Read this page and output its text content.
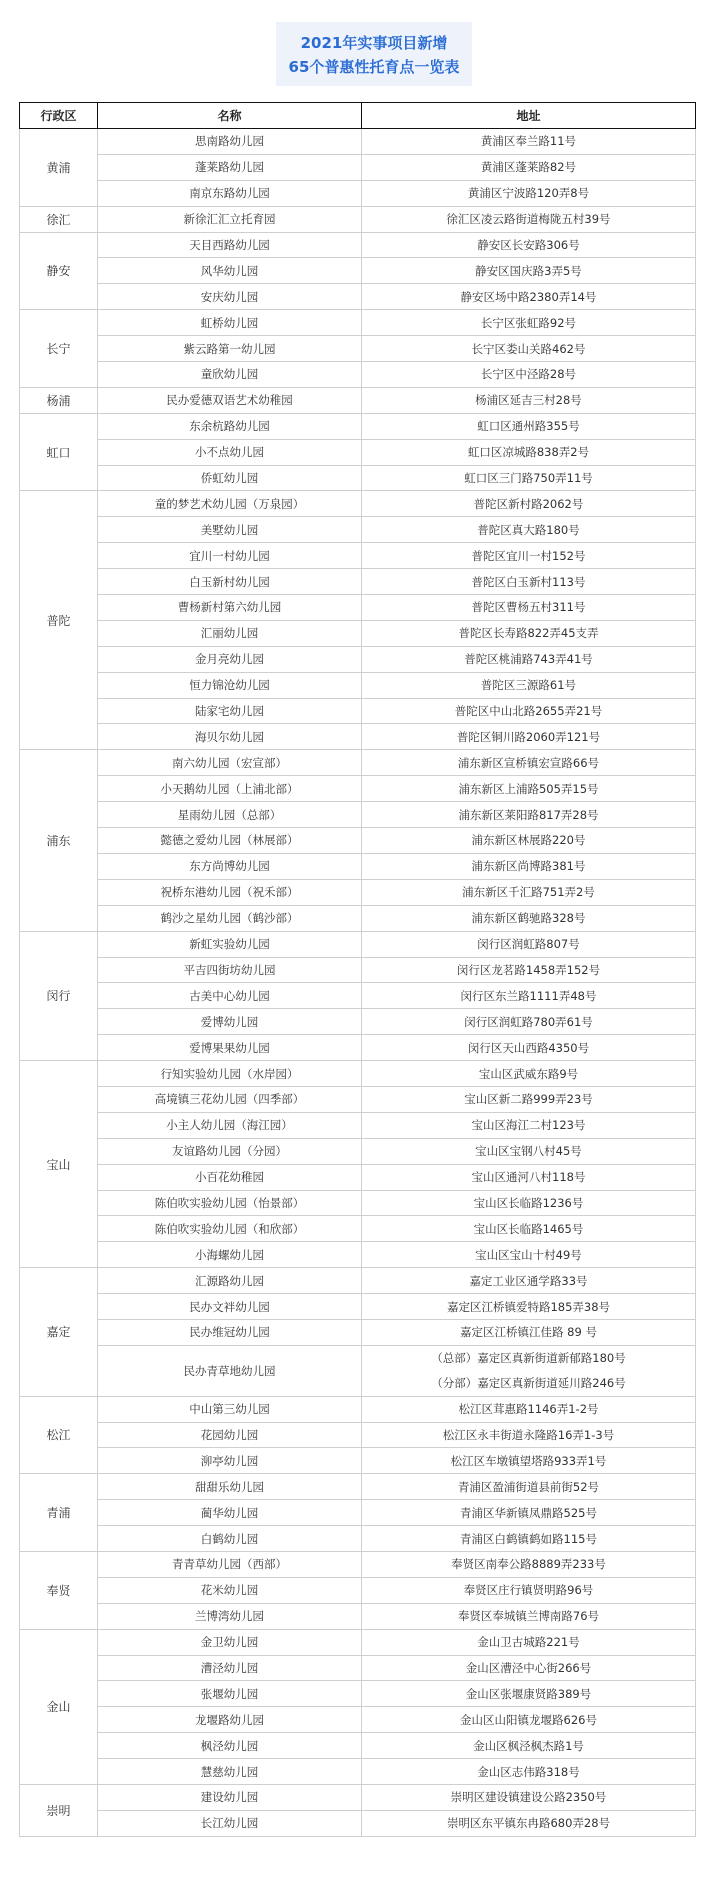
2021年实事项目新增
65个普惠性托育点一览表
行政区	名称	地址
黄浦	思南路幼儿园	黄浦区奉兰路11号
	蓬莱路幼儿园	黄浦区蓬莱路82号
	南京东路幼儿园	黄浦区宁波路120弄8号
徐汇	新徐汇汇立托育园	徐汇区凌云路街道梅陇五村39号
静安	天目西路幼儿园	静安区长安路306号
	风华幼儿园	静安区国庆路3弄5号
	安庆幼儿园	静安区场中路2380弄14号
长宁	虹桥幼儿园	长宁区张虹路92号
	紫云路第一幼儿园	长宁区娄山关路462号
	童欣幼儿园	长宁区中泾路28号
杨浦	民办爱德双语艺术幼稚园	杨浦区延吉三村28号
虹口	东余杭路幼儿园	虹口区通州路355号
	小不点幼儿园	虹口区凉城路838弄2号
	侨虹幼儿园	虹口区三门路750弄11号
普陀	童的梦艺术幼儿园（万泉园）	普陀区新村路2062号
	美墅幼儿园	普陀区真大路180号
	宜川一村幼儿园	普陀区宜川一村152号
	白玉新村幼儿园	普陀区白玉新村113号
	曹杨新村第六幼儿园	普陀区曹杨五村311号
	汇丽幼儿园	普陀区长寿路822弄45支弄
	金月亮幼儿园	普陀区桃浦路743弄41号
	恒力锦沧幼儿园	普陀区三源路61号
	陆家宅幼儿园	普陀区中山北路2655弄21号
	海贝尔幼儿园	普陀区铜川路2060弄121号
浦东	南六幼儿园（宏宣部）	浦东新区宣桥镇宏宣路66号
	小天鹅幼儿园（上浦北部）	浦东新区上浦路505弄15号
	星雨幼儿园（总部）	浦东新区莱阳路817弄28号
	懿德之爱幼儿园（林展部）	浦东新区林展路220号
	东方尚博幼儿园	浦东新区尚博路381号
	祝桥东港幼儿园（祝禾部）	浦东新区千汇路751弄2号
	鹤沙之星幼儿园（鹤沙部）	浦东新区鹤驰路328号
闵行	新虹实验幼儿园	闵行区润虹路807号
	平吉四街坊幼儿园	闵行区龙茗路1458弄152号
	古美中心幼儿园	闵行区东兰路1111弄48号
	爱博幼儿园	闵行区润虹路780弄61号
	爱博果果幼儿园	闵行区天山西路4350号
宝山	行知实验幼儿园（水岸园）	宝山区武威东路9号
	高境镇三花幼儿园（四季部）	宝山区新二路999弄23号
	小主人幼儿园（海江园）	宝山区海江二村123号
	友谊路幼儿园（分园）	宝山区宝钢八村45号
	小百花幼稚园	宝山区通河八村118号
	陈伯吹实验幼儿园（怡景部）	宝山区长临路1236号
	陈伯吹实验幼儿园（和欣部）	宝山区长临路1465号
	小海螺幼儿园	宝山区宝山十村49号
嘉定	汇源路幼儿园	嘉定工业区通学路33号
	民办文袢幼儿园	嘉定区江桥镇爱特路185弄38号
	民办维冠幼儿园	嘉定区江桥镇江佳路 89 号
	民办青草地幼儿园	（总部）嘉定区真新街道新郁路180号
		（分部）嘉定区真新街道延川路246号
松江	中山第三幼儿园	松江区茸惠路1146弄1-2号
	花园幼儿园	松江区永丰街道永隆路16弄1-3号
	泖亭幼儿园	松江区车墩镇望塔路933弄1号
青浦	甜甜乐幼儿园	青浦区盈浦街道县前街52号
	蔺华幼儿园	青浦区华新镇凤鼎路525号
	白鹤幼儿园	青浦区白鹤镇鹤如路115号
奉贤	青青草幼儿园（西部）	奉贤区南奉公路8889弄233号
	花米幼儿园	奉贤区庄行镇贤明路96号
	兰博湾幼儿园	奉贤区奉城镇兰博南路76号
金山	金卫幼儿园	金山卫古城路221号
	漕泾幼儿园	金山区漕泾中心街266号
	张堰幼儿园	金山区张堰康贤路389号
	龙堰路幼儿园	金山区山阳镇龙堰路626号
	枫泾幼儿园	金山区枫泾枫杰路1号
	慧慈幼儿园	金山区志伟路318号
崇明	建设幼儿园	崇明区建设镇建设公路2350号
	长江幼儿园	崇明区东平镇东冉路680弄28号
